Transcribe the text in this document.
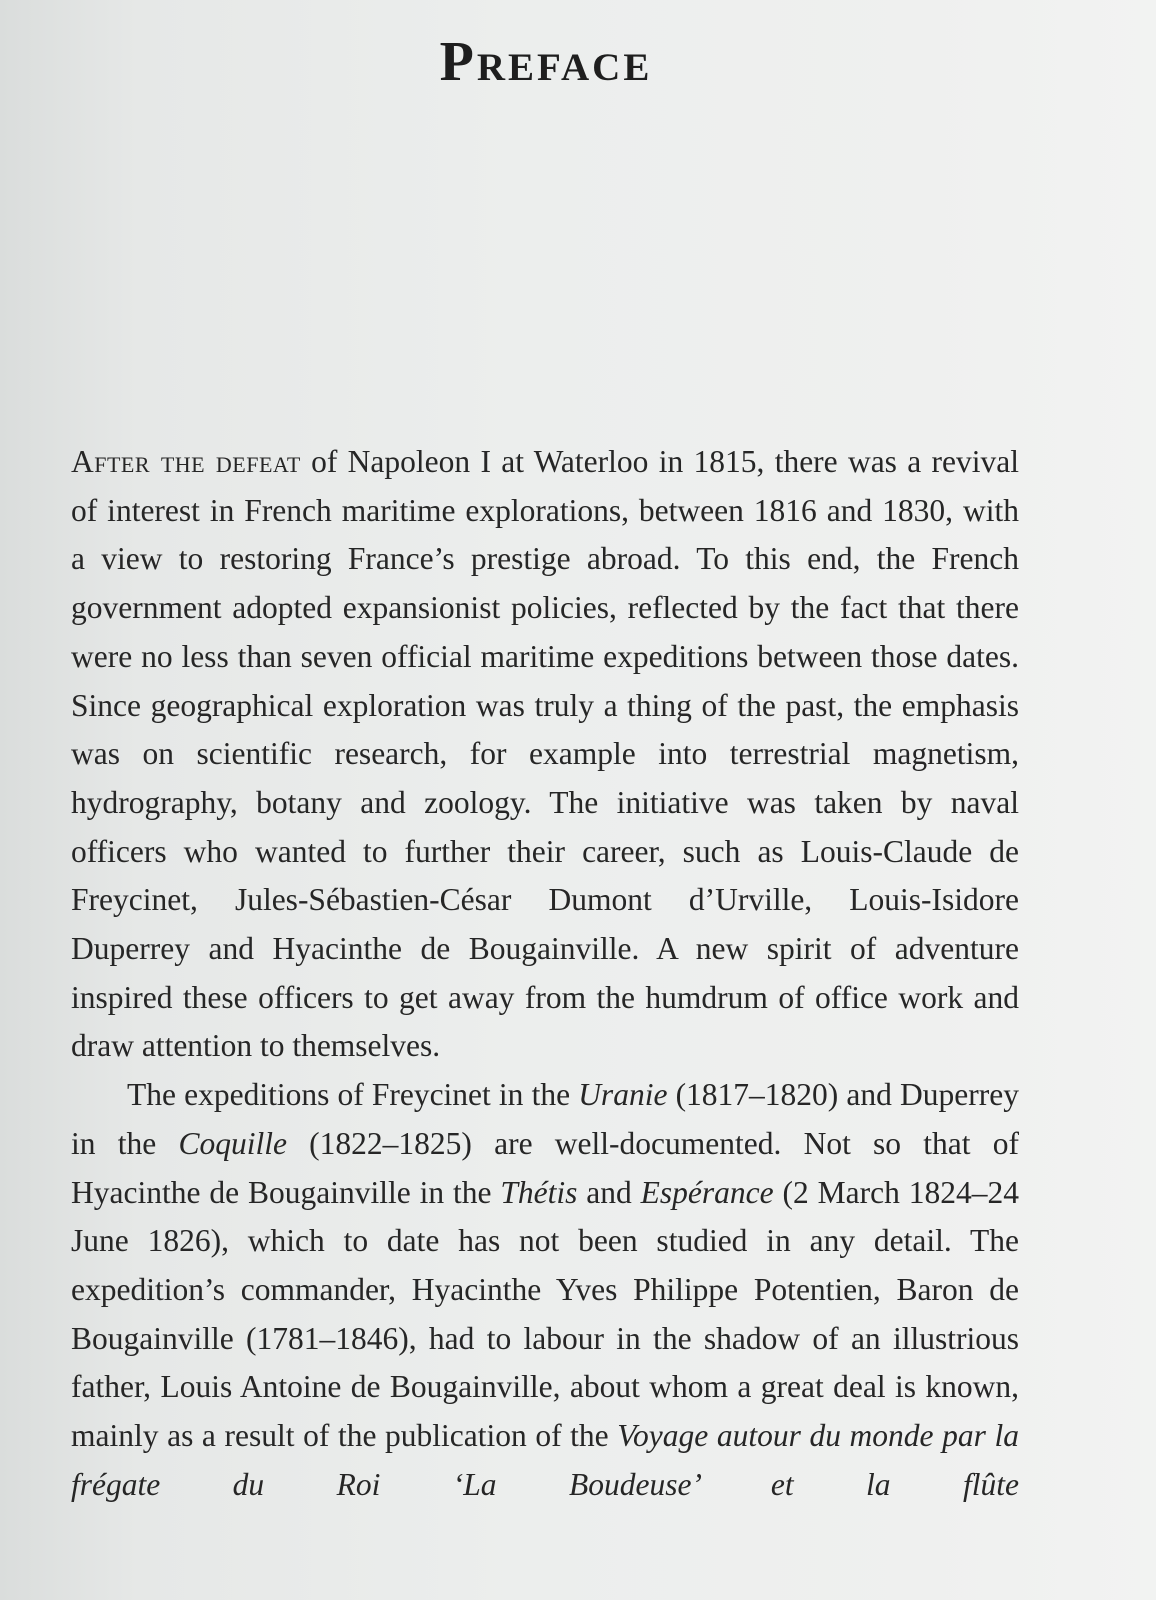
Preface

After the defeat of Napoleon I at Waterloo in 1815, there was a revival of interest in French maritime explorations, between 1816 and 1830, with a view to restoring France’s prestige abroad. To this end, the French government adopted expansionist policies, reflected by the fact that there were no less than seven official maritime expeditions between those dates. Since geographical exploration was truly a thing of the past, the emphasis was on scientific research, for example into terrestrial magnetism, hydrography, botany and zoology. The initiative was taken by naval officers who wanted to further their career, such as Louis-Claude de Freycinet, Jules-Sébastien-César Dumont d’Urville, Louis-Isidore Duperrey and Hyacinthe de Bougainville. A new spirit of adventure inspired these officers to get away from the humdrum of office work and draw attention to themselves.

The expeditions of Freycinet in the Uranie (1817–1820) and Duperrey in the Coquille (1822–1825) are well-documented. Not so that of Hyacinthe de Bougainville in the Thétis and Espérance (2 March 1824–24 June 1826), which to date has not been studied in any detail. The expedition’s commander, Hyacinthe Yves Philippe Potentien, Baron de Bougainville (1781–1846), had to labour in the shadow of an illustrious father, Louis Antoine de Bougainville, about whom a great deal is known, mainly as a result of the publication of the Voyage autour du monde par la frégate du Roi ‘La Boudeuse’ et la flûte
